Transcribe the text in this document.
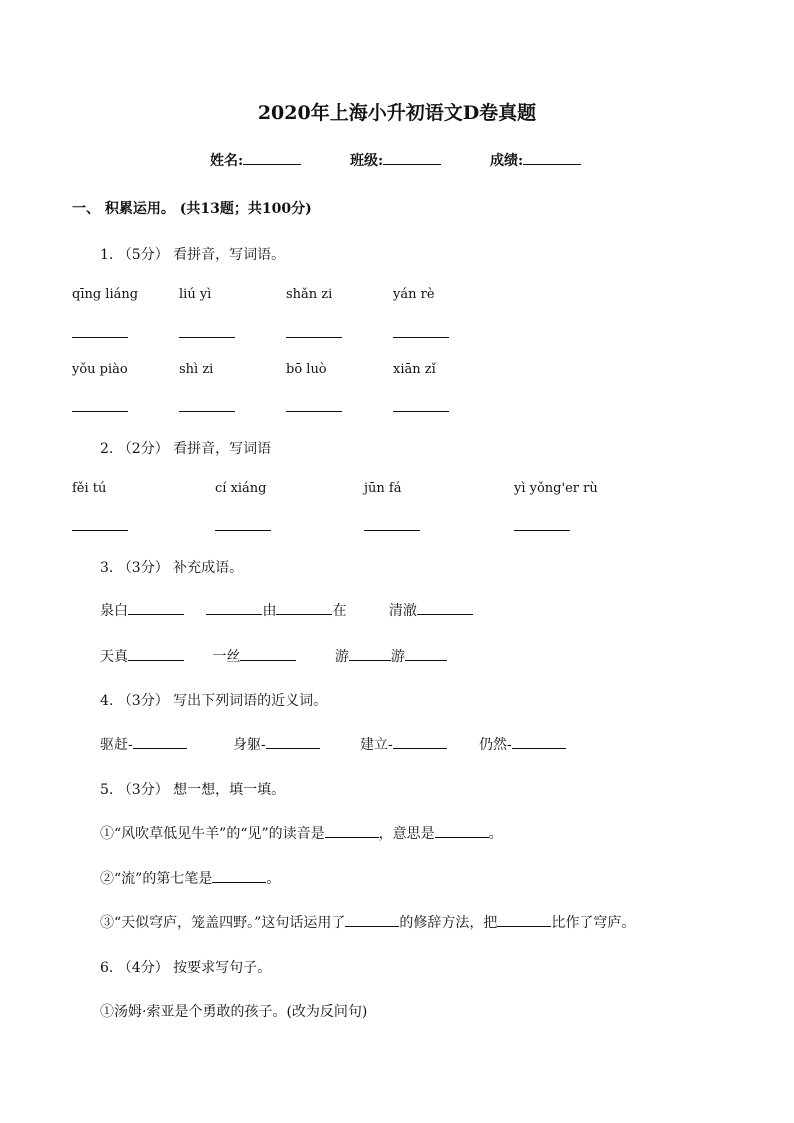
2020年上海小升初语文D卷真题
姓名:	班级:	成绩:
一、 积累运用。 (共13题；共100分)
1. （5分） 看拼音，写词语。
qīng liáng	liú yì	shǎn zi	yán rè
yǒu piào	shì zi	bō luò	xiān zǐ
2. （2分） 看拼音，写词语
fěi tú	cí xiáng	jūn fá	yì yǒng'er rù
3. （3分） 补充成语。
泉白	由	在	清澈
天真	一丝	游	游
4. （3分） 写出下列词语的近义词。
驱赶-	身躯-	建立-	仍然-
5. （3分） 想一想，填一填。
①“风吹草低见牛羊”的“见”的读音是	，意思是	。
②“流”的第七笔是	。
③“天似穹庐，笼盖四野。”这句话运用了	的修辞方法，把	比作了穹庐。
6. （4分） 按要求写句子。
①汤姆·索亚是个勇敢的孩子。(改为反问句)
